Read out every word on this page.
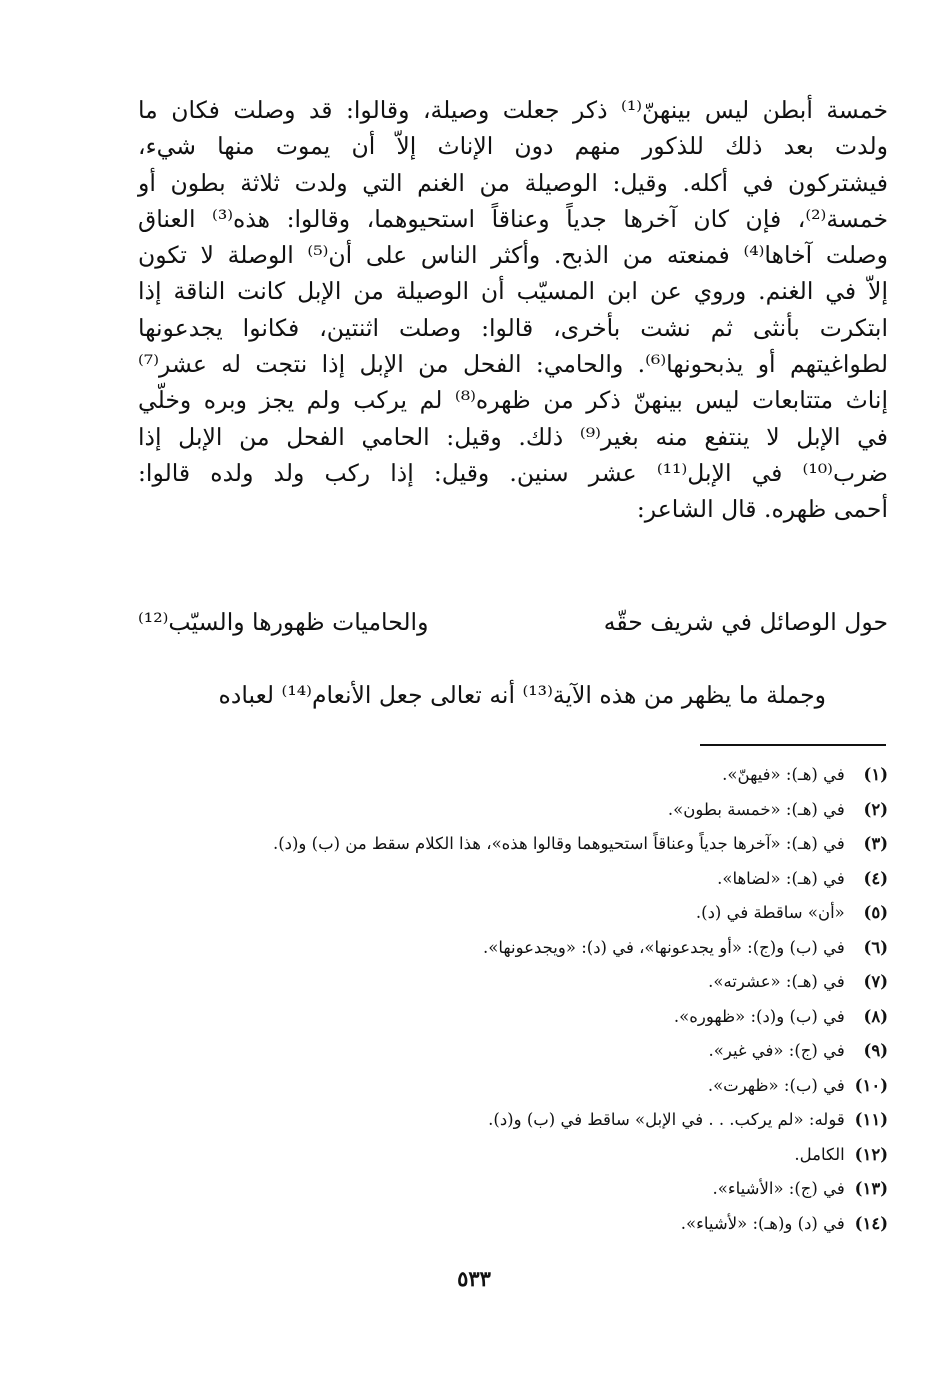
خمسة أبطن ليس بينهنّ⁽¹⁾ ذكر جعلت وصيلة، وقالوا: قد وصلت فكان ما
ولدت بعد ذلك للذكور منهم دون الإناث إلاّ أن يموت منها شيء،
فيشتركون في أكله. وقيل: الوصيلة من الغنم التي ولدت ثلاثة بطون أو
خمسة⁽²⁾، فإن كان آخرها جدياً وعناقاً استحيوهما، وقالوا: هذه⁽³⁾ العناق
وصلت آخاها⁽⁴⁾ فمنعته من الذبح. وأكثر الناس على أن⁽⁵⁾ الوصلة لا تكون
إلاّ في الغنم. وروي عن ابن المسيّب أن الوصيلة من الإبل كانت الناقة إذا
ابتكرت بأنثى ثم نشت بأخرى، قالوا: وصلت اثنتين، فكانوا يجدعونها
لطواغيتهم أو يذبحونها⁽⁶⁾. والحامي: الفحل من الإبل إذا نتجت له عشر⁽⁷⁾
إناث متتابعات ليس بينهنّ ذكر من ظهره⁽⁸⁾ لم يركب ولم يجز وبره وخلّي
في الإبل لا ينتفع منه بغير⁽⁹⁾ ذلك. وقيل: الحامي الفحل من الإبل إذا
ضرب⁽¹⁰⁾ في الإبل⁽¹¹⁾ عشر سنين. وقيل: إذا ركب ولد ولده قالوا:
أحمى ظهره. قال الشاعر:
حول الوصائل في شريف حقّه
والحاميات ظهورها والسيّب⁽¹²⁾
وجملة ما يظهر من هذه الآية⁽¹³⁾ أنه تعالى جعل الأنعام⁽¹⁴⁾ لعباده
(١) في (هـ): «فيهنّ».
(٢) في (هـ): «خمسة بطون».
(٣) في (هـ): «آخرها جدياً وعناقاً استحيوهما وقالوا هذه»، هذا الكلام سقط من (ب) و(د).
(٤) في (هـ): «لضاها».
(٥) «أن» ساقطة في (د).
(٦) في (ب) و(ج): «أو يجدعونها»، في (د): «ويجدعونها».
(٧) في (هـ): «عشرته».
(٨) في (ب) و(د): «ظهوره».
(٩) في (ج): «في غير».
(١٠) في (ب): «ظهرت».
(١١) قوله: «لم يركب. . . في الإبل» ساقط في (ب) و(د).
(١٢) الكامل.
(١٣) في (ج): «الأشياء».
(١٤) في (د) و(هـ): «لأشياء».
٥٣٣
